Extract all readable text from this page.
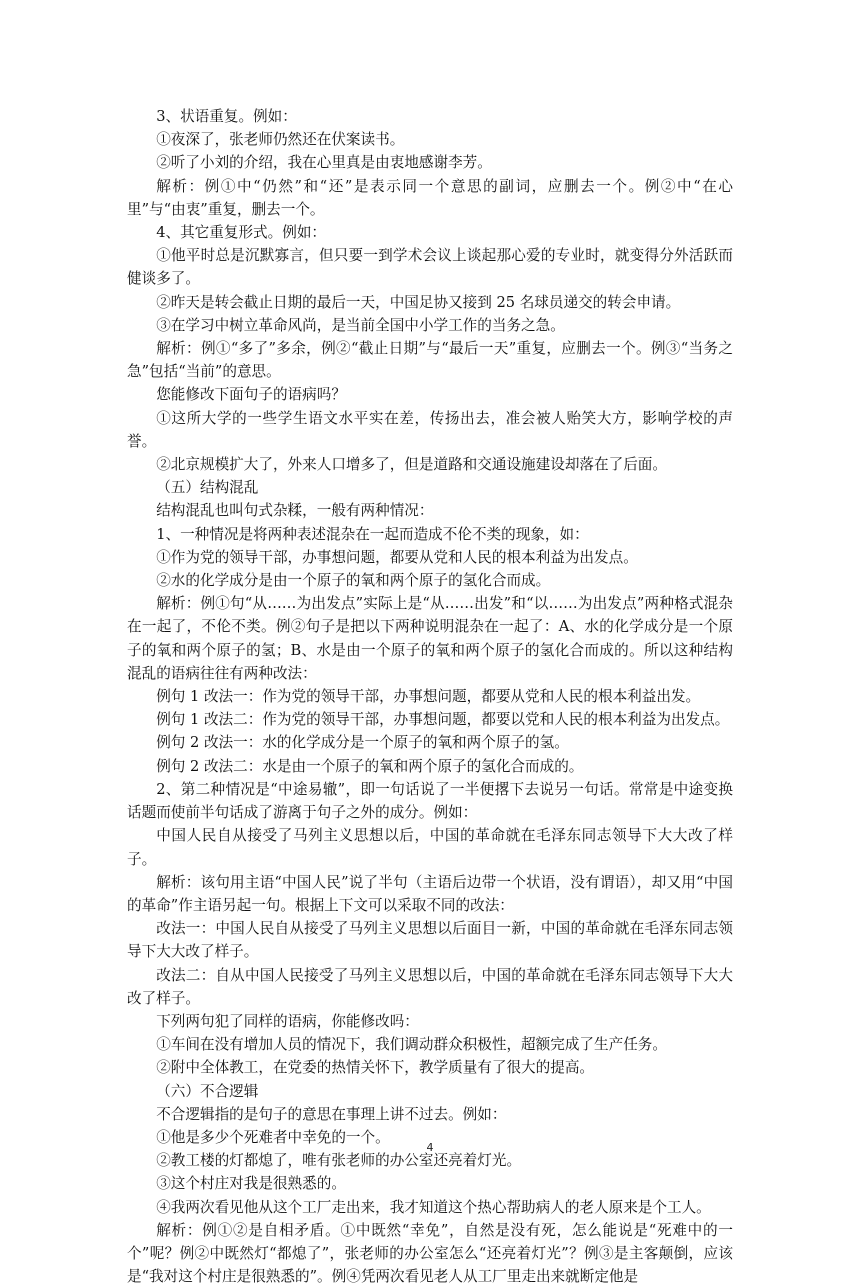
3、状语重复。例如：

①夜深了，张老师仍然还在伏案读书。

②听了小刘的介绍，我在心里真是由衷地感谢李芳。

解析：例①中“仍然”和“还”是表示同一个意思的副词，应删去一个。例②中“在心里”与“由衷”重复，删去一个。

4、其它重复形式。例如：

①他平时总是沉默寡言，但只要一到学术会议上谈起那心爱的专业时，就变得分外活跃而健谈多了。

②昨天是转会截止日期的最后一天，中国足协又接到 25 名球员递交的转会申请。

③在学习中树立革命风尚，是当前全国中小学工作的当务之急。

解析：例①“多了”多余，例②“截止日期”与“最后一天”重复，应删去一个。例③“当务之急”包括“当前”的意思。

您能修改下面句子的语病吗？

①这所大学的一些学生语文水平实在差，传扬出去，准会被人贻笑大方，影响学校的声誉。

②北京规模扩大了，外来人口增多了，但是道路和交通设施建设却落在了后面。

（五）结构混乱

结构混乱也叫句式杂糅，一般有两种情况：

1、一种情况是将两种表述混杂在一起而造成不伦不类的现象，如：

①作为党的领导干部，办事想问题，都要从党和人民的根本利益为出发点。

②水的化学成分是由一个原子的氧和两个原子的氢化合而成。

解析：例①句“从……为出发点”实际上是“从……出发”和“以……为出发点”两种格式混杂在一起了，不伦不类。例②句子是把以下两种说明混杂在一起了：A、水的化学成分是一个原子的氧和两个原子的氢；B、水是由一个原子的氧和两个原子的氢化合而成的。所以这种结构混乱的语病往往有两种改法：

例句 1 改法一：作为党的领导干部，办事想问题，都要从党和人民的根本利益出发。

例句 1 改法二：作为党的领导干部，办事想问题，都要以党和人民的根本利益为出发点。

例句 2 改法一：水的化学成分是一个原子的氧和两个原子的氢。

例句 2 改法二：水是由一个原子的氧和两个原子的氢化合而成的。

2、第二种情况是“中途易辙”，即一句话说了一半便撂下去说另一句话。常常是中途变换话题而使前半句话成了游离于句子之外的成分。例如：

中国人民自从接受了马列主义思想以后，中国的革命就在毛泽东同志领导下大大改了样子。

解析：该句用主语“中国人民”说了半句（主语后边带一个状语，没有谓语），却又用“中国的革命”作主语另起一句。根据上下文可以采取不同的改法：

改法一：中国人民自从接受了马列主义思想以后面目一新，中国的革命就在毛泽东同志领导下大大改了样子。

改法二：自从中国人民接受了马列主义思想以后，中国的革命就在毛泽东同志领导下大大改了样子。

下列两句犯了同样的语病，你能修改吗：

①车间在没有增加人员的情况下，我们调动群众积极性，超额完成了生产任务。

②附中全体教工，在党委的热情关怀下，教学质量有了很大的提高。

（六）不合逻辑

不合逻辑指的是句子的意思在事理上讲不过去。例如：

①他是多少个死难者中幸免的一个。

②教工楼的灯都熄了，唯有张老师的办公室还亮着灯光。

③这个村庄对我是很熟悉的。

④我两次看见他从这个工厂走出来，我才知道这个热心帮助病人的老人原来是个工人。

解析：例①②是自相矛盾。①中既然“幸免”，自然是没有死，怎么能说是“死难中的一个”呢？例②中既然灯“都熄了”，张老师的办公室怎么“还亮着灯光”？例③是主客颠倒，应该是“我对这个村庄是很熟悉的”。例④凭两次看见老人从工厂里走出来就断定他是

4
